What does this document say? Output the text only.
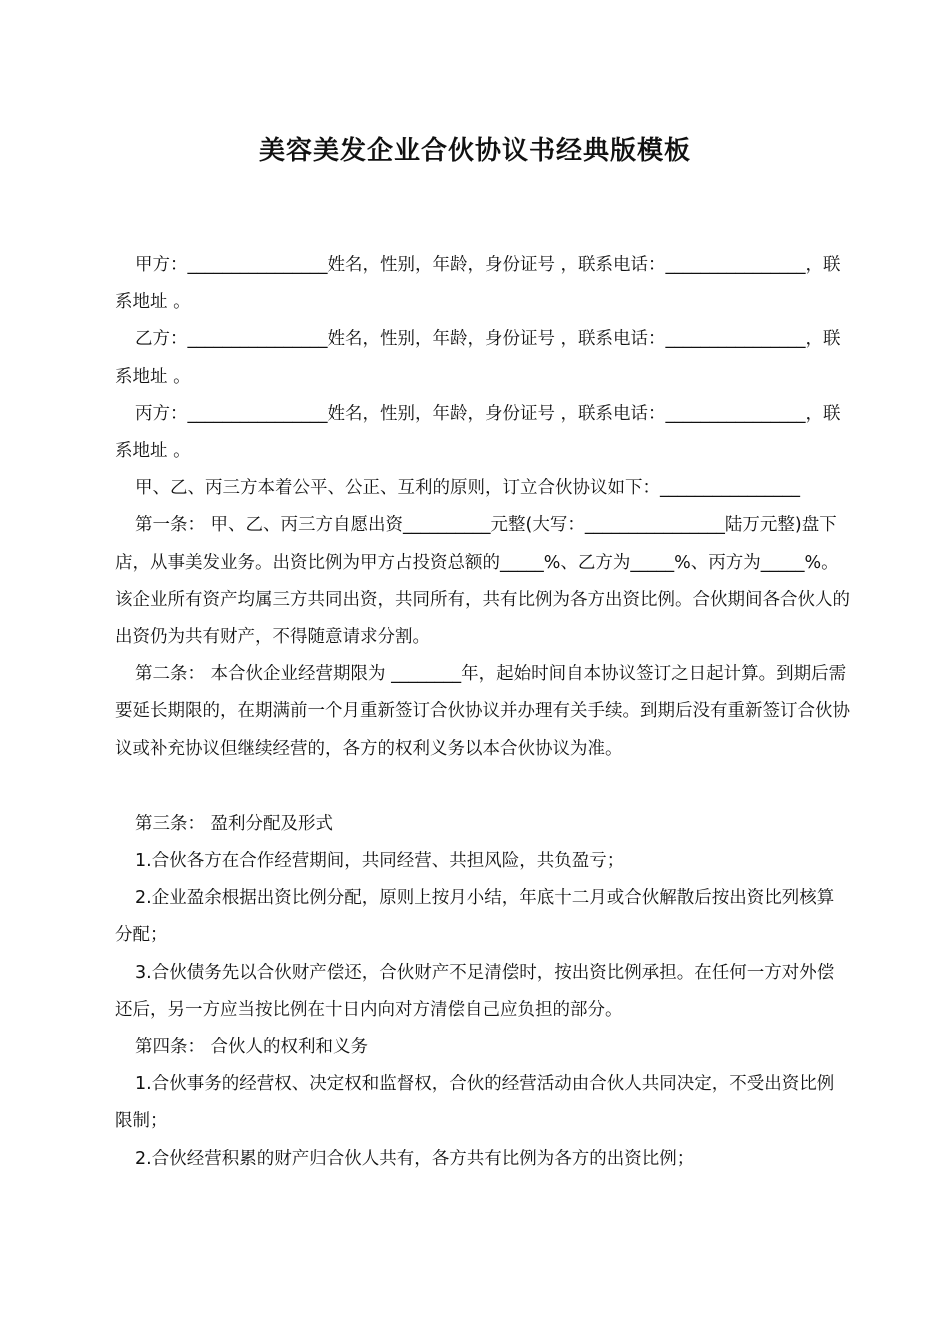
美容美发企业合伙协议书经典版模板

甲方：________________姓名，性别，年龄，身份证号 ，联系电话：________________，联系地址 。

乙方：________________姓名，性别，年龄，身份证号 ，联系电话：________________，联系地址 。

丙方：________________姓名，性别，年龄，身份证号 ，联系电话：________________，联系地址 。

甲、乙、丙三方本着公平、公正、互利的原则，订立合伙协议如下：________________

第一条： 甲、乙、丙三方自愿出资__________元整(大写：________________陆万元整)盘下 店，从事美发业务。出资比例为甲方占投资总额的_____%、乙方为_____%、丙方为_____%。该企业所有资产均属三方共同出资，共同所有，共有比例为各方出资比例。合伙期间各合伙人的出资仍为共有财产，不得随意请求分割。

第二条： 本合伙企业经营期限为 ________年，起始时间自本协议签订之日起计算。到期后需要延长期限的，在期满前一个月重新签订合伙协议并办理有关手续。到期后没有重新签订合伙协议或补充协议但继续经营的，各方的权利义务以本合伙协议为准。

第三条： 盈利分配及形式

1.合伙各方在合作经营期间，共同经营、共担风险，共负盈亏；

2.企业盈余根据出资比例分配，原则上按月小结，年底十二月或合伙解散后按出资比列核算分配；

3.合伙债务先以合伙财产偿还，合伙财产不足清偿时，按出资比例承担。在任何一方对外偿还后，另一方应当按比例在十日内向对方清偿自己应负担的部分。

第四条： 合伙人的权利和义务

1.合伙事务的经营权、决定权和监督权，合伙的经营活动由合伙人共同决定，不受出资比例限制；

2.合伙经营积累的财产归合伙人共有，各方共有比例为各方的出资比例；
